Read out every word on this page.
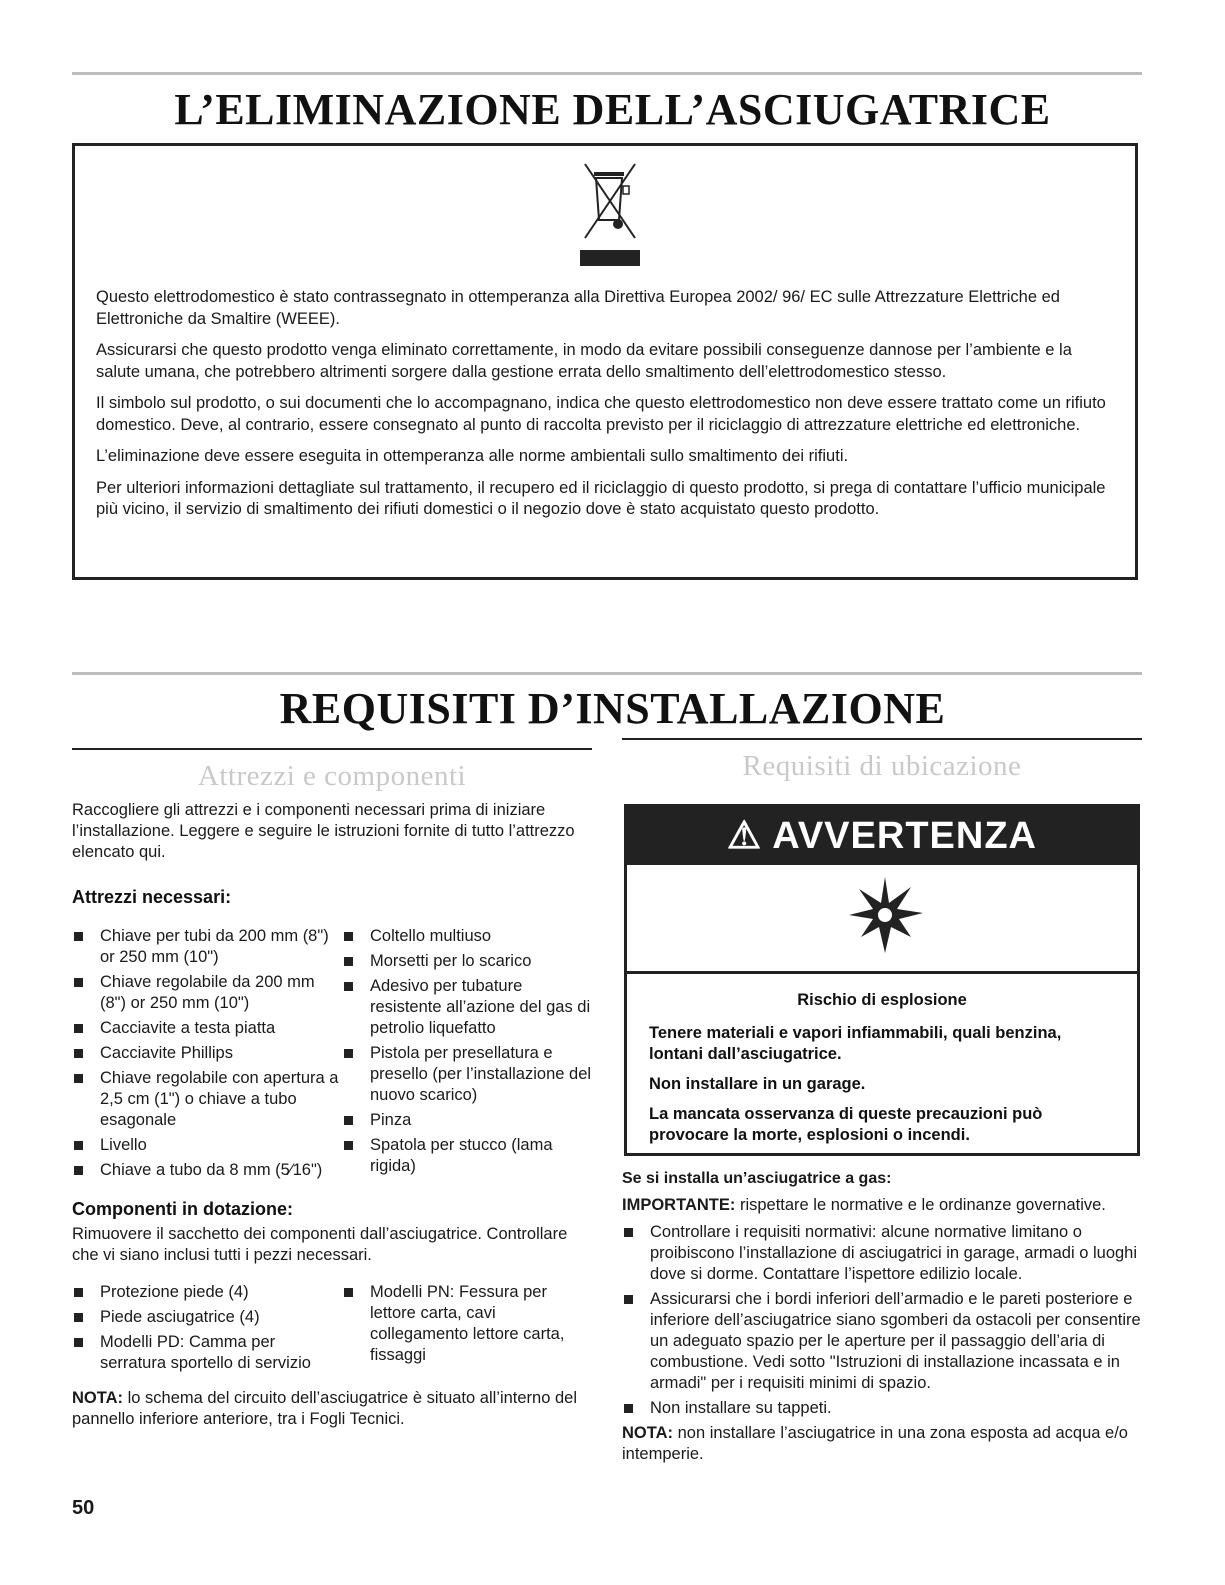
L’ELIMINAZIONE DELL’ASCIUGATRICE

Questo elettrodomestico è stato contrassegnato in ottemperanza alla Direttiva Europea 2002/ 96/ EC sulle Attrezzature Elettriche ed Elettroniche da Smaltire (WEEE).

Assicurarsi che questo prodotto venga eliminato correttamente, in modo da evitare possibili conseguenze dannose per l’ambiente e la salute umana, che potrebbero altrimenti sorgere dalla gestione errata dello smaltimento dell’elettrodomestico stesso.

Il simbolo sul prodotto, o sui documenti che lo accompagnano, indica che questo elettrodomestico non deve essere trattato come un rifiuto domestico. Deve, al contrario, essere consegnato al punto di raccolta previsto per il riciclaggio di attrezzature elettriche ed elettroniche.

L’eliminazione deve essere eseguita in ottemperanza alle norme ambientali sullo smaltimento dei rifiuti.

Per ulteriori informazioni dettagliate sul trattamento, il recupero ed il riciclaggio di questo prodotto, si prega di contattare l’ufficio municipale più vicino, il servizio di smaltimento dei rifiuti domestici o il negozio dove è stato acquistato questo prodotto.

REQUISITI D’INSTALLAZIONE
Attrezzi e componenti

Raccogliere gli attrezzi e i componenti necessari prima di iniziare l’installazione. Leggere e seguire le istruzioni fornite di tutto l’attrezzo elencato qui.

Attrezzi necessari:

Chiave per tubi da 200 mm (8") or 250 mm (10")
Chiave regolabile da 200 mm (8") or 250 mm (10")
Cacciavite a testa piatta
Cacciavite Phillips
Chiave regolabile con apertura a 2,5 cm (1") o chiave a tubo esagonale
Livello
Chiave a tubo da 8 mm (5⁄16")
Coltello multiuso
Morsetti per lo scarico
Adesivo per tubature resistente all’azione del gas di petrolio liquefatto
Pistola per presellatura e presello (per l’installazione del nuovo scarico)
Pinza
Spatola per stucco (lama rigida)

Componenti in dotazione:

Rimuovere il sacchetto dei componenti dall’asciugatrice. Controllare che vi siano inclusi tutti i pezzi necessari.

Protezione piede (4)
Piede asciugatrice (4)
Modelli PD: Camma per serratura sportello di servizio
Modelli PN: Fessura per lettore carta, cavi collegamento lettore carta, fissaggi

NOTA: lo schema del circuito dell’asciugatrice è situato all’interno del pannello inferiore anteriore, tra i Fogli Tecnici.

Requisiti di ubicazione
⚠ AVVERTENZA

Rischio di esplosione

Tenere materiali e vapori infiammabili, quali benzina, lontani dall’asciugatrice.

Non installare in un garage.

La mancata osservanza di queste precauzioni può provocare la morte, esplosioni o incendi.

Se si installa un’asciugatrice a gas:

IMPORTANTE: rispettare le normative e le ordinanze governative.

Controllare i requisiti normativi: alcune normative limitano o proibiscono l’installazione di asciugatrici in garage, armadi o luoghi dove si dorme. Contattare l’ispettore edilizio locale.
Assicurarsi che i bordi inferiori dell’armadio e le pareti posteriore e inferiore dell’asciugatrice siano sgomberi da ostacoli per consentire un adeguato spazio per le aperture per il passaggio dell’aria di combustione. Vedi sotto "Istruzioni di installazione incassata e in armadi" per i requisiti minimi di spazio.
Non installare su tappeti.

NOTA: non installare l’asciugatrice in una zona esposta ad acqua e/o intemperie.

50
